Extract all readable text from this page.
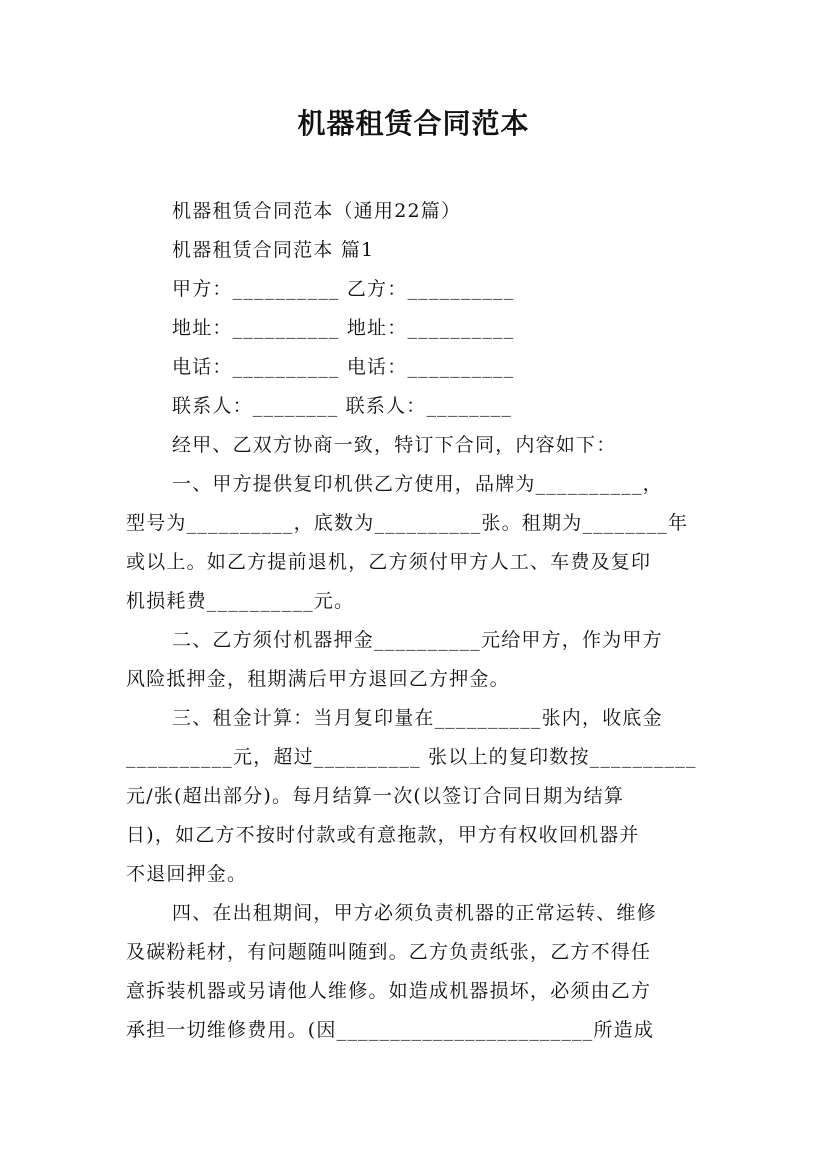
机器租赁合同范本
机器租赁合同范本（通用22篇）
机器租赁合同范本 篇1
甲方：__________ 乙方：__________
地址：__________ 地址：__________
电话：__________ 电话：__________
联系人：________ 联系人：________
经甲、乙双方协商一致，特订下合同，内容如下：
一、甲方提供复印机供乙方使用，品牌为__________，
型号为__________，底数为__________张。租期为________年
或以上。如乙方提前退机，乙方须付甲方人工、车费及复印
机损耗费__________元。
二、乙方须付机器押金__________元给甲方，作为甲方
风险抵押金，租期满后甲方退回乙方押金。
三、租金计算：当月复印量在__________张内，收底金
__________元，超过__________ 张以上的复印数按__________
元/张(超出部分)。每月结算一次(以签订合同日期为结算
日)，如乙方不按时付款或有意拖款，甲方有权收回机器并
不退回押金。
四、在出租期间，甲方必须负责机器的正常运转、维修
及碳粉耗材，有问题随叫随到。乙方负责纸张，乙方不得任
意拆装机器或另请他人维修。如造成机器损坏，必须由乙方
承担一切维修费用。(因________________________所造成
